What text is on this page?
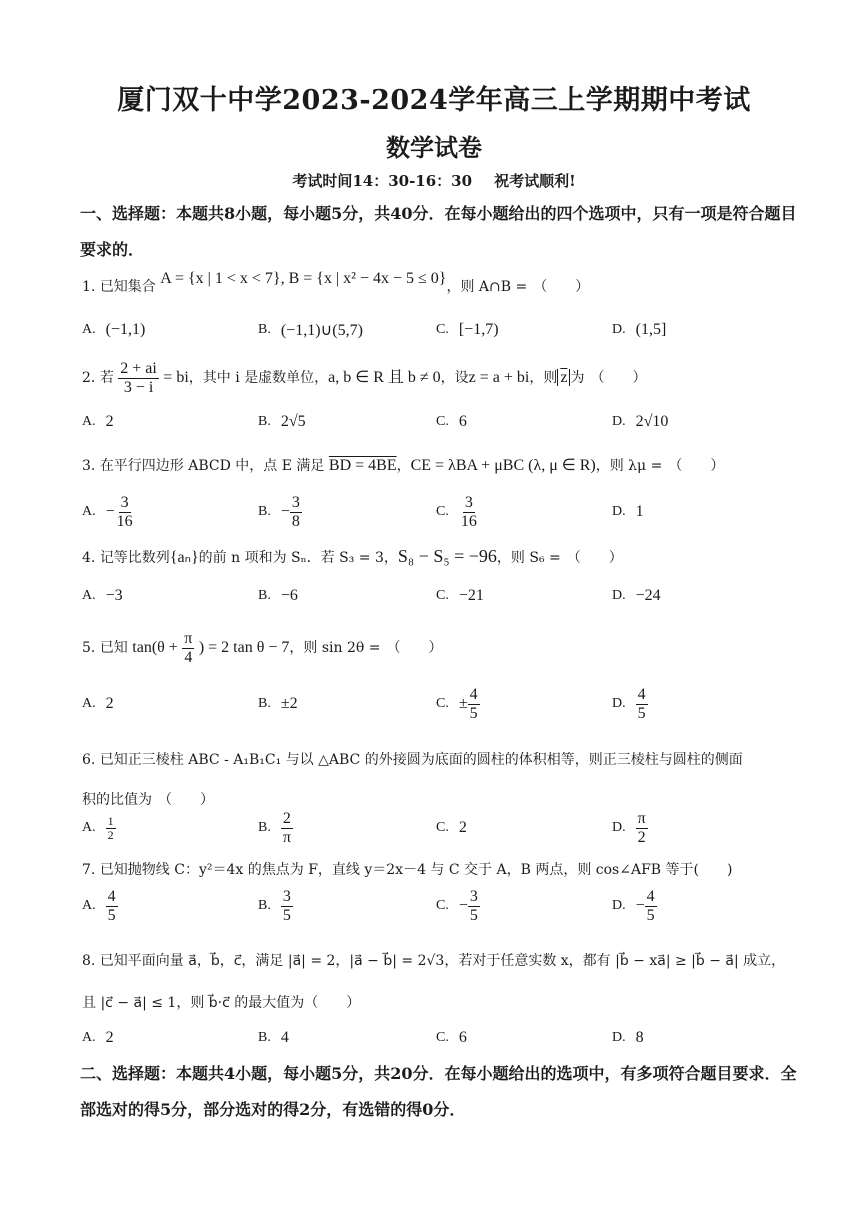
厦门双十中学2023-2024学年高三上学期期中考试
数学试卷
考试时间14：30-16：30 祝考试顺利!
一、选择题：本题共8小题，每小题5分，共40分．在每小题给出的四个选项中，只有一项是符合题目要求的．
1. 已知集合 A = {x | 1 < x < 7}, B = {x | x² − 4x − 5 ≤ 0}，则 A∩B = （　　）
A. (−1,1)	B. (−1,1)∪(5,7)	C. [−1,7)	D. (1,5]
2. 若 $\frac{2 + ai}{3 - i}$ = bi，其中 i 是虚数单位，a, b ∈ R 且 b ≠ 0，设z = a + bi，则 $\overline{z}$ 为 （　　）
A. 2	B. 2√5	C. 6	D. 2√10
3. 在平行四边形 ABCD 中，点 E 满足 BD = 4BE，CE = λBA + μBC (λ, μ ∈ R)，则 λμ = （　　）
A. − $\frac{3}{16}$	B. − $\frac{3}{8}$	C. $\frac{3}{16}$	D. 1
4. 记等比数列{aₙ}的前 n 项和为 Sₙ．若 S₃ = 3，S₈ − S₅ = −96，则 S₆ = （　　）
A. −3	B. −6	C. −21	D. −24
5. 已知 $\tan(\theta + \frac{\pi}{4}$ ) = 2 tan θ − 7，则 sin 2θ = （　　）
A. 2	B. ±2	C. ± $\frac{4}{5}$	D. $\frac{4}{5}$
6. 已知正三棱柱 ABC - A₁B₁C₁ 与以 △ABC 的外接圆为底面的圆柱的体积相等，则正三棱柱与圆柱的侧面
积的比值为 （　　）
A. $\frac{1}{2}$	B. $\frac{2}{\pi}$	C. 2	D. $\frac{\pi}{2}$
7. 已知抛物线 C：y²＝4x 的焦点为 F，直线 y＝2x－4 与 C 交于 A，B 两点，则 cos∠AFB 等于(　　)
A. $\frac{4}{5}$	B. $\frac{3}{5}$	C. − $\frac{3}{5}$	D. − $\frac{4}{5}$
8. 已知平面向量 a⃗，b⃗，c⃗，满足 |a⃗| = 2，|a⃗ − b⃗| = 2√3，若对于任意实数 x，都有 |b⃗ − xa⃗| ≥ |b⃗ − a⃗| 成立，
且 |c⃗ − a⃗| ≤ 1，则 b⃗·c⃗ 的最大值为（　　）
A. 2	B. 4	C. 6	D. 8
二、选择题：本题共4小题，每小题5分，共20分．在每小题给出的选项中，有多项符合题目要求．全部选对的得5分，部分选对的得2分，有选错的得0分．
